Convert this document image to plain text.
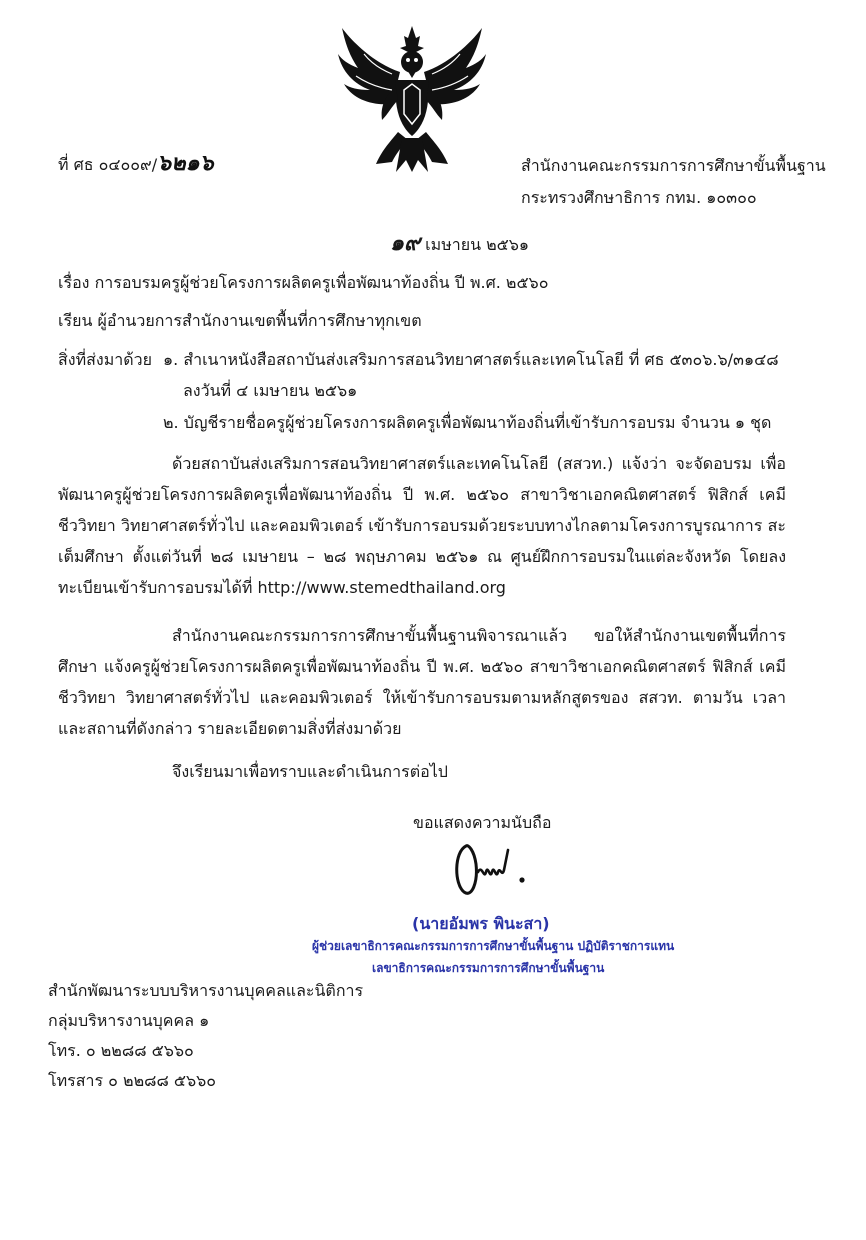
ที่ ศธ ๐๔๐๐๙/๖๒๑๖	สำนักงานคณะกรรมการการศึกษาขั้นพื้นฐาน
กระทรวงศึกษาธิการ กทม. ๑๐๓๐๐
๑๙ เมษายน ๒๕๖๑
เรื่อง การอบรมครูผู้ช่วยโครงการผลิตครูเพื่อพัฒนาท้องถิ่น ปี พ.ศ. ๒๕๖๐
เรียน ผู้อำนวยการสำนักงานเขตพื้นที่การศึกษาทุกเขต
สิ่งที่ส่งมาด้วย ๑. สำเนาหนังสือสถาบันส่งเสริมการสอนวิทยาศาสตร์และเทคโนโลยี ที่ ศธ ๕๓๐๖.๖/๓๑๔๘
ลงวันที่ ๔ เมษายน ๒๕๖๑
๒. บัญชีรายชื่อครูผู้ช่วยโครงการผลิตครูเพื่อพัฒนาท้องถิ่นที่เข้ารับการอบรม จำนวน ๑ ชุด
ด้วยสถาบันส่งเสริมการสอนวิทยาศาสตร์และเทคโนโลยี (สสวท.) แจ้งว่า จะจัดอบรม เพื่อพัฒนาครูผู้ช่วยโครงการผลิตครูเพื่อพัฒนาท้องถิ่น ปี พ.ศ. ๒๕๖๐ สาขาวิชาเอกคณิตศาสตร์ ฟิสิกส์ เคมี ชีววิทยา วิทยาศาสตร์ทั่วไป และคอมพิวเตอร์ เข้ารับการอบรมด้วยระบบทางไกลตามโครงการบูรณาการ สะเต็มศึกษา ตั้งแต่วันที่ ๒๘ เมษายน – ๒๘ พฤษภาคม ๒๕๖๑ ณ ศูนย์ฝึกการอบรมในแต่ละจังหวัด โดยลงทะเบียนเข้ารับการอบรมได้ที่ http://www.stemedthailand.org
สำนักงานคณะกรรมการการศึกษาขั้นพื้นฐานพิจารณาแล้ว ขอให้สำนักงานเขตพื้นที่การศึกษา แจ้งครูผู้ช่วยโครงการผลิตครูเพื่อพัฒนาท้องถิ่น ปี พ.ศ. ๒๕๖๐ สาขาวิชาเอกคณิตศาสตร์ ฟิสิกส์ เคมี ชีววิทยา วิทยาศาสตร์ทั่วไป และคอมพิวเตอร์ ให้เข้ารับการอบรมตามหลักสูตรของ สสวท. ตามวัน เวลา และสถานที่ดังกล่าว รายละเอียดตามสิ่งที่ส่งมาด้วย
จึงเรียนมาเพื่อทราบและดำเนินการต่อไป
ขอแสดงความนับถือ
(นายอัมพร พินะสา)
ผู้ช่วยเลขาธิการคณะกรรมการการศึกษาขั้นพื้นฐาน ปฏิบัติราชการแทน
เลขาธิการคณะกรรมการการศึกษาขั้นพื้นฐาน
สำนักพัฒนาระบบบริหารงานบุคคลและนิติการ
กลุ่มบริหารงานบุคคล ๑
โทร. ๐ ๒๒๘๘ ๕๖๖๐
โทรสาร ๐ ๒๒๘๘ ๕๖๖๐
